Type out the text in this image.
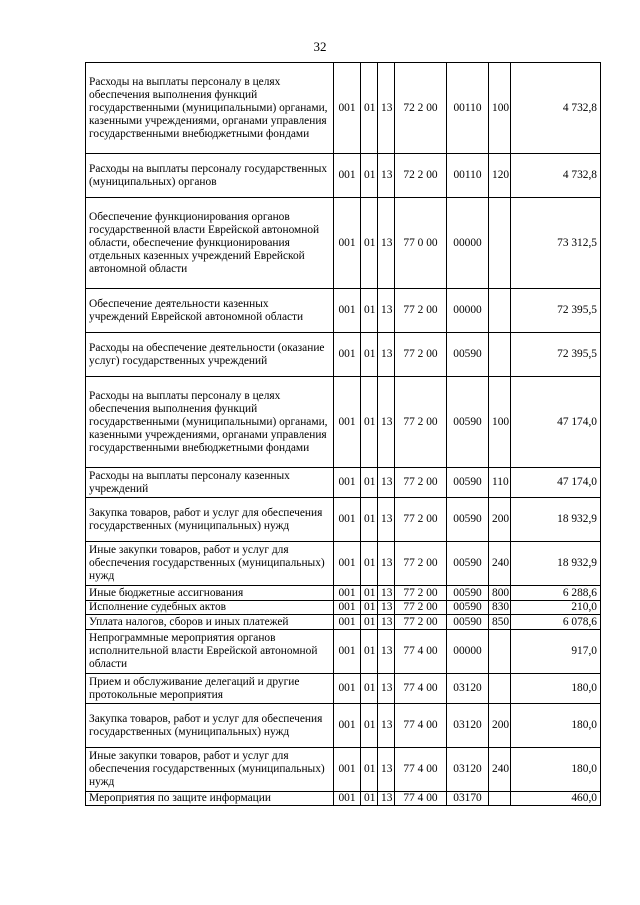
32
Расходы на выплаты персоналу в целях обеспечения выполнения функций государственными (муниципальными) органами, казенными учреждениями, органами управления государственными внебюджетными фондами	001	01	13	72 2 00	00110	100	4 732,8
Расходы на выплаты персоналу государственных (муниципальных) органов	001	01	13	72 2 00	00110	120	4 732,8
Обеспечение функционирования органов государственной власти Еврейской автономной области, обеспечение функционирования отдельных казенных учреждений Еврейской автономной области	001	01	13	77 0 00	00000		73 312,5
Обеспечение деятельности казенных учреждений Еврейской автономной области	001	01	13	77 2 00	00000		72 395,5
Расходы на обеспечение деятельности (оказание услуг) государственных учреждений	001	01	13	77 2 00	00590		72 395,5
Расходы на выплаты персоналу в целях обеспечения выполнения функций государственными (муниципальными) органами, казенными учреждениями, органами управления государственными внебюджетными фондами	001	01	13	77 2 00	00590	100	47 174,0
Расходы на выплаты персоналу казенных учреждений	001	01	13	77 2 00	00590	110	47 174,0
Закупка товаров, работ и услуг для обеспечения государственных (муниципальных) нужд	001	01	13	77 2 00	00590	200	18 932,9
Иные закупки товаров, работ и услуг для обеспечения государственных (муниципальных) нужд	001	01	13	77 2 00	00590	240	18 932,9
Иные бюджетные ассигнования	001	01	13	77 2 00	00590	800	6 288,6
Исполнение судебных актов	001	01	13	77 2 00	00590	830	210,0
Уплата налогов, сборов и иных платежей	001	01	13	77 2 00	00590	850	6 078,6
Непрограммные мероприятия органов исполнительной власти Еврейской автономной области	001	01	13	77 4 00	00000		917,0
Прием и обслуживание делегаций и другие протокольные мероприятия	001	01	13	77 4 00	03120		180,0
Закупка товаров, работ и услуг для обеспечения государственных (муниципальных) нужд	001	01	13	77 4 00	03120	200	180,0
Иные закупки товаров, работ и услуг для обеспечения государственных (муниципальных) нужд	001	01	13	77 4 00	03120	240	180,0
Мероприятия по защите информации	001	01	13	77 4 00	03170		460,0
